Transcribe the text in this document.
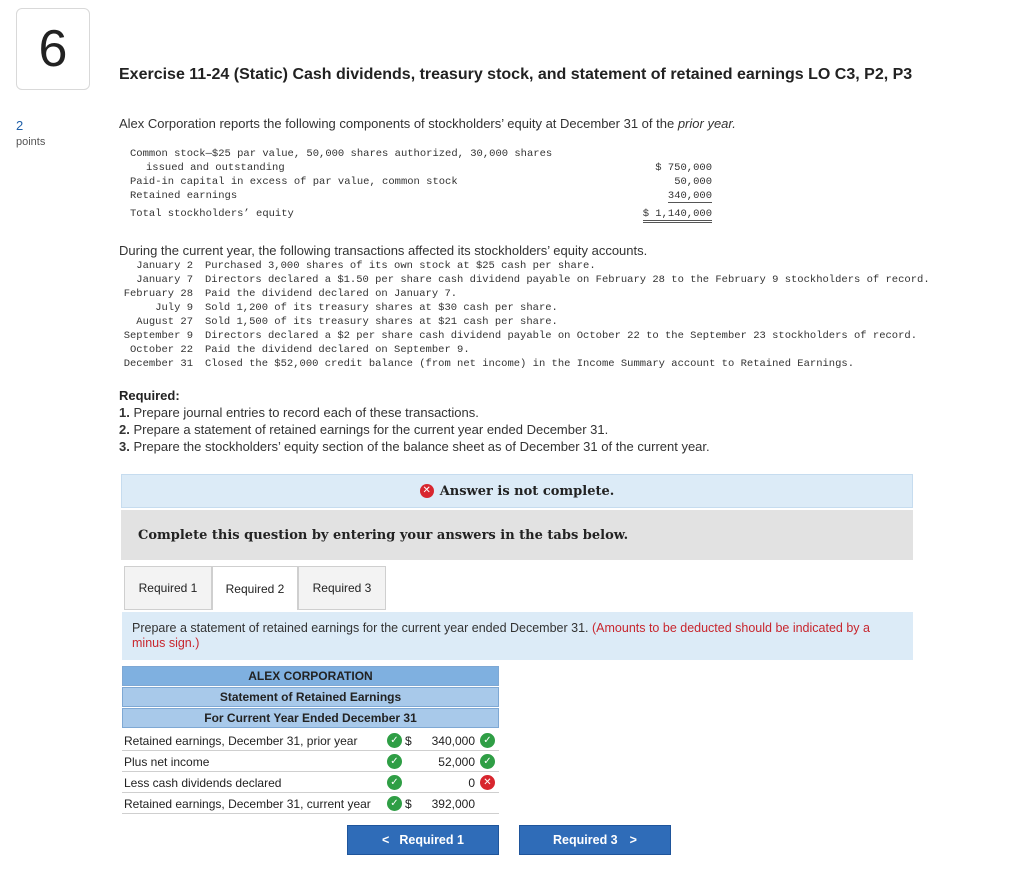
6
2
points
Exercise 11-24 (Static) Cash dividends, treasury stock, and statement of retained earnings LO C3, P2, P3
Alex Corporation reports the following components of stockholders’ equity at December 31 of the prior year.
Common stock—$25 par value, 50,000 shares authorized, 30,000 shares
issued and outstanding	$ 750,000
Paid-in capital in excess of par value, common stock	50,000
Retained earnings	340,000
Total stockholders’ equity	$ 1,140,000
During the current year, the following transactions affected its stockholders’ equity accounts.
January 2 Purchased 3,000 shares of its own stock at $25 cash per share.
January 7 Directors declared a $1.50 per share cash dividend payable on February 28 to the February 9 stockholders of record.
February 28 Paid the dividend declared on January 7.
July 9 Sold 1,200 of its treasury shares at $30 cash per share.
August 27 Sold 1,500 of its treasury shares at $21 cash per share.
September 9 Directors declared a $2 per share cash dividend payable on October 22 to the September 23 stockholders of record.
October 22 Paid the dividend declared on September 9.
December 31 Closed the $52,000 credit balance (from net income) in the Income Summary account to Retained Earnings.
Required:
1. Prepare journal entries to record each of these transactions.
2. Prepare a statement of retained earnings for the current year ended December 31.
3. Prepare the stockholders’ equity section of the balance sheet as of December 31 of the current year.
✕ Answer is not complete.
Complete this question by entering your answers in the tabs below.
Required 1	Required 2	Required 3
Prepare a statement of retained earnings for the current year ended December 31. (Amounts to be deducted should be indicated by a minus sign.)
ALEX CORPORATION
Statement of Retained Earnings
For Current Year Ended December 31
Retained earnings, December 31, prior year	✓ $ 340,000 ✓
Plus net income	✓	52,000 ✓
Less cash dividends declared	✓	0 ✕
Retained earnings, December 31, current year	✓ $ 392,000
< Required 1	Required 3 >
